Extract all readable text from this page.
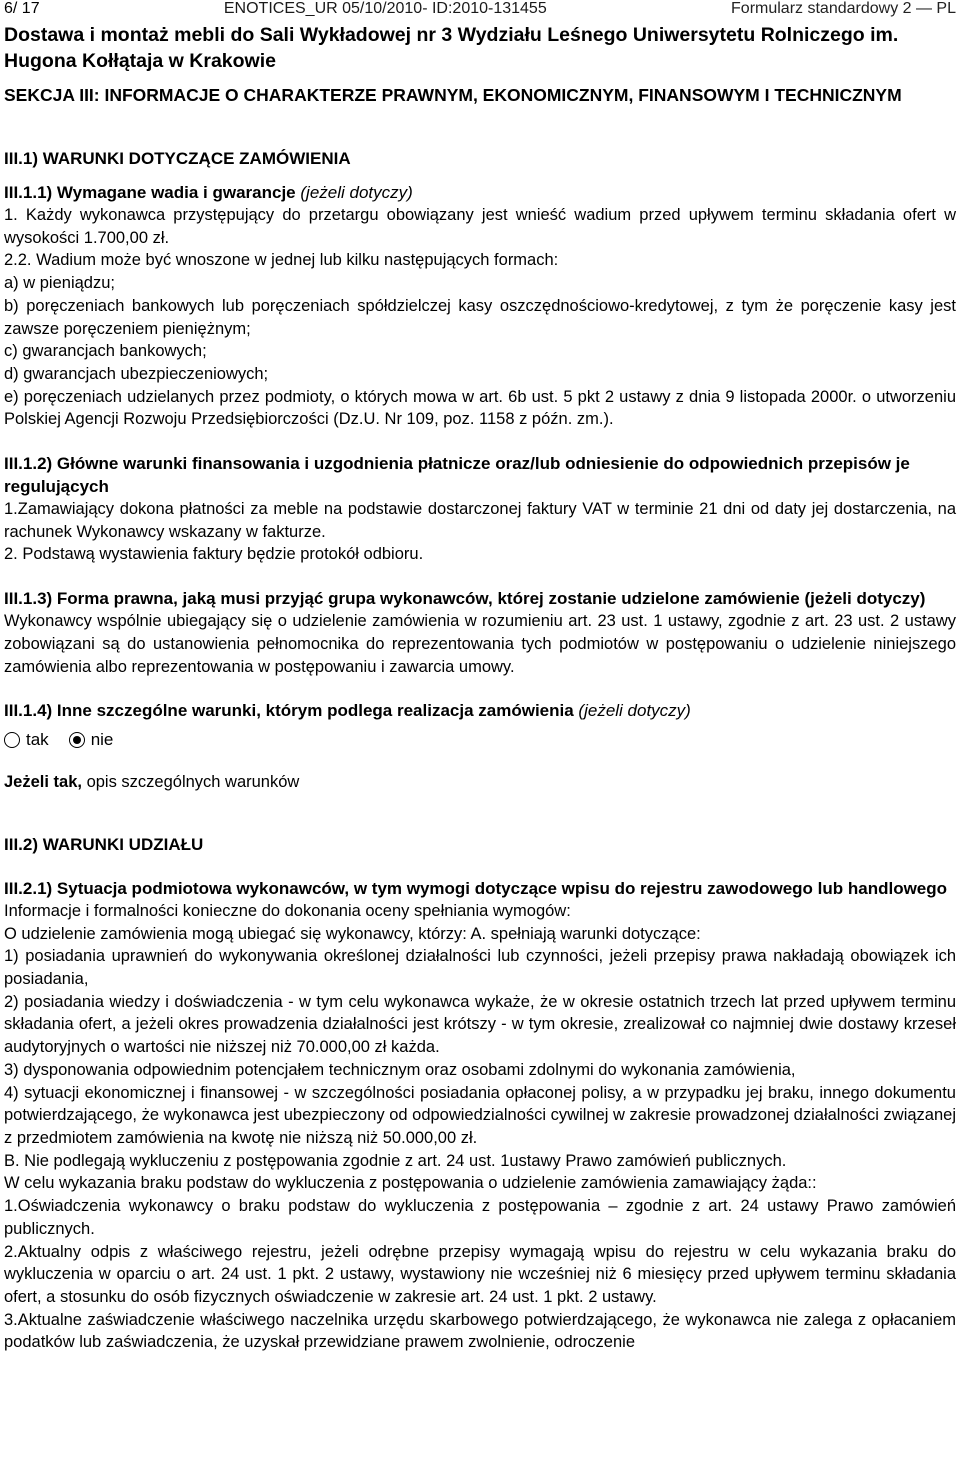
6/ 17	ENOTICES_UR 05/10/2010- ID:2010-131455	Formularz standardowy 2 — PL
Dostawa i montaż mebli do Sali Wykładowej nr 3 Wydziału Leśnego Uniwersytetu Rolniczego im. Hugona Kołłątaja w Krakowie
SEKCJA III: INFORMACJE O CHARAKTERZE PRAWNYM, EKONOMICZNYM, FINANSOWYM I TECHNICZNYM
III.1) WARUNKI DOTYCZĄCE ZAMÓWIENIA
III.1.1) Wymagane wadia i gwarancje (jeżeli dotyczy)

1. Każdy wykonawca przystępujący do przetargu obowiązany jest wnieść wadium przed upływem terminu składania ofert w wysokości 1.700,00 zł.

2.2. Wadium może być wnoszone w jednej lub kilku następujących formach:

a) w pieniądzu;

b) poręczeniach bankowych lub poręczeniach spółdzielczej kasy oszczędnościowo-kredytowej, z tym że poręczenie kasy jest zawsze poręczeniem pieniężnym;

c) gwarancjach bankowych;

d) gwarancjach ubezpieczeniowych;

e) poręczeniach udzielanych przez podmioty, o których mowa w art. 6b ust. 5 pkt 2 ustawy z dnia 9 listopada 2000r. o utworzeniu Polskiej Agencji Rozwoju Przedsiębiorczości (Dz.U. Nr 109, poz. 1158 z późn. zm.).

III.1.2) Główne warunki finansowania i uzgodnienia płatnicze oraz/lub odniesienie do odpowiednich przepisów je regulujących

1.Zamawiający dokona płatności za meble na podstawie dostarczonej faktury VAT w terminie 21 dni od daty jej dostarczenia, na rachunek Wykonawcy wskazany w fakturze.

2. Podstawą wystawienia faktury będzie protokół odbioru.

III.1.3) Forma prawna, jaką musi przyjąć grupa wykonawców, której zostanie udzielone zamówienie (jeżeli dotyczy)

Wykonawcy wspólnie ubiegający się o udzielenie zamówienia w rozumieniu art. 23 ust. 1 ustawy, zgodnie z art. 23 ust. 2 ustawy zobowiązani są do ustanowienia pełnomocnika do reprezentowania tych podmiotów w postępowaniu o udzielenie niniejszego zamówienia albo reprezentowania w postępowaniu i zawarcia umowy.

III.1.4) Inne szczególne warunki, którym podlega realizacja zamówienia (jeżeli dotyczy)
tak nie

Jeżeli tak, opis szczególnych warunków

III.2) WARUNKI UDZIAŁU
III.2.1) Sytuacja podmiotowa wykonawców, w tym wymogi dotyczące wpisu do rejestru zawodowego lub handlowego

Informacje i formalności konieczne do dokonania oceny spełniania wymogów:

O udzielenie zamówienia mogą ubiegać się wykonawcy, którzy: A. spełniają warunki dotyczące:

1) posiadania uprawnień do wykonywania określonej działalności lub czynności, jeżeli przepisy prawa nakładają obowiązek ich posiadania,

2) posiadania wiedzy i doświadczenia - w tym celu wykonawca wykaże, że w okresie ostatnich trzech lat przed upływem terminu składania ofert, a jeżeli okres prowadzenia działalności jest krótszy - w tym okresie, zrealizował co najmniej dwie dostawy krzeseł audytoryjnych o wartości nie niższej niż 70.000,00 zł każda.

3) dysponowania odpowiednim potencjałem technicznym oraz osobami zdolnymi do wykonania zamówienia,

4) sytuacji ekonomicznej i finansowej - w szczególności posiadania opłaconej polisy, a w przypadku jej braku, innego dokumentu potwierdzającego, że wykonawca jest ubezpieczony od odpowiedzialności cywilnej w zakresie prowadzonej działalności związanej z przedmiotem zamówienia na kwotę nie niższą niż 50.000,00 zł.

B. Nie podlegają wykluczeniu z postępowania zgodnie z art. 24 ust. 1ustawy Prawo zamówień publicznych.

W celu wykazania braku podstaw do wykluczenia z postępowania o udzielenie zamówienia zamawiający żąda::

1.Oświadczenia wykonawcy o braku podstaw do wykluczenia z postępowania – zgodnie z art. 24 ustawy Prawo zamówień publicznych.

2.Aktualny odpis z właściwego rejestru, jeżeli odrębne przepisy wymagają wpisu do rejestru w celu wykazania braku do wykluczenia w oparciu o art. 24 ust. 1 pkt. 2 ustawy, wystawiony nie wcześniej niż 6 miesięcy przed upływem terminu składania ofert, a stosunku do osób fizycznych oświadczenie w zakresie art. 24 ust. 1 pkt. 2 ustawy.

3.Aktualne zaświadczenie właściwego naczelnika urzędu skarbowego potwierdzającego, że wykonawca nie zalega z opłacaniem podatków lub zaświadczenia, że uzyskał przewidziane prawem zwolnienie, odroczenie
